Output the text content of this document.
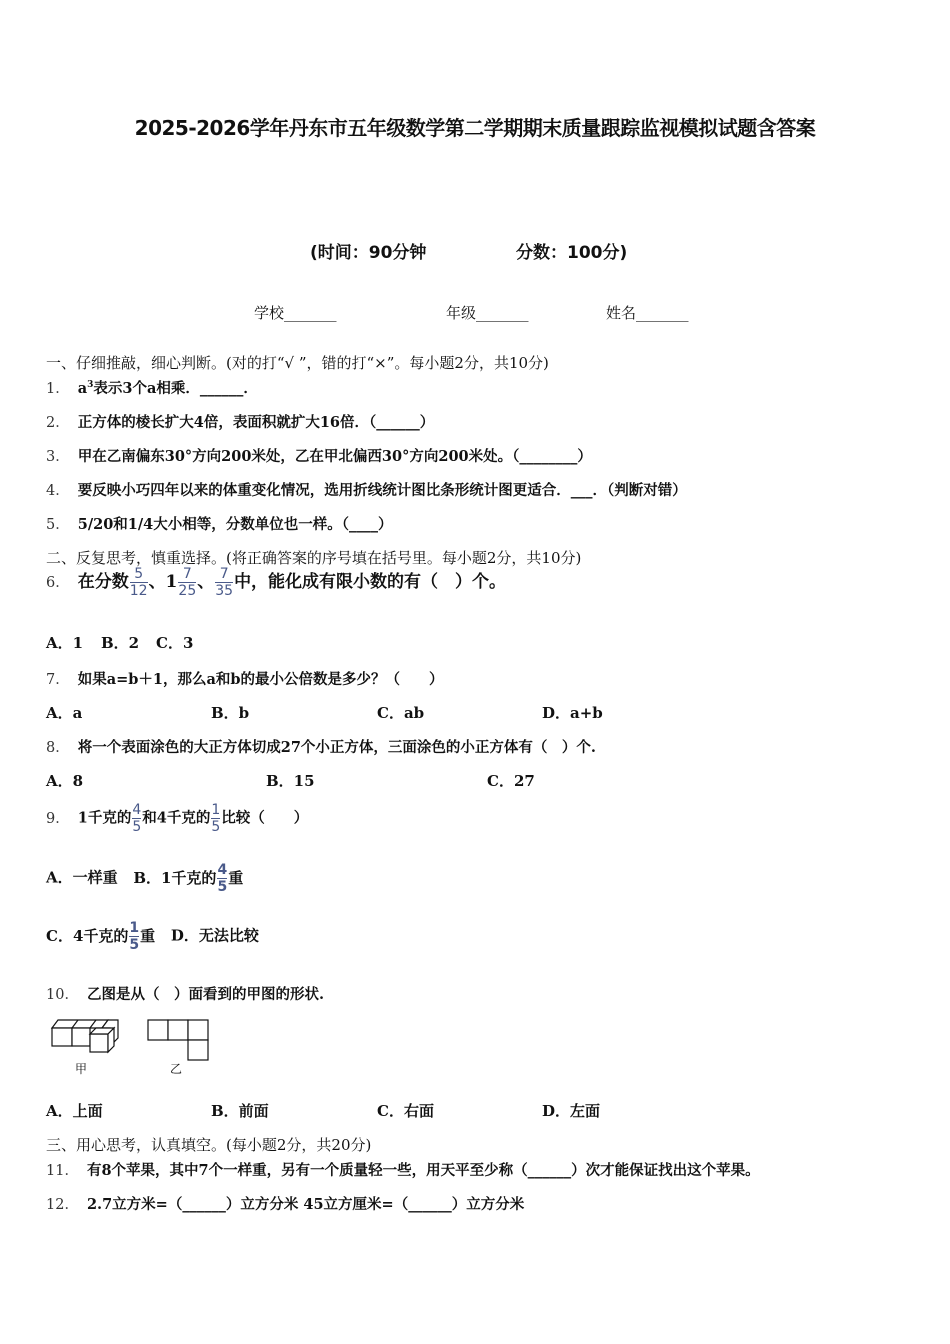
2025-2026学年丹东市五年级数学第二学期期末质量跟踪监视模拟试题含答案
(时间：90分钟	分数：100分)
学校_______	年级_______	姓名_______
一、仔细推敲，细心判断。(对的打“√ ”，错的打“×”。每小题2分，共10分)
1． $a^3$表示3个a相乘．______．
2． 正方体的棱长扩大4倍，表面积就扩大16倍．（______）
3． 甲在乙南偏东30°方向200米处，乙在甲北偏西30°方向200米处。（________）
4． 要反映小巧四年以来的体重变化情况，选用折线统计图比条形统计图更适合．___．（判断对错）
5． 5/20和1/4大小相等，分数单位也一样。（____）
二、反复思考，慎重选择。(将正确答案的序号填在括号里。每小题2分，共10分)
6． 在分数 $\frac{5}{12}$ 、$1 \frac{7}{25}$ 、 $\frac{7}{35}$ 中，能化成有限小数的有（　）个。
A．1 B．2 C．3
7． 如果a=b＋1，那么a和b的最小公倍数是多少？（　　）
A．a	B．b	C．ab	D．a+b
8． 将一个表面涂色的大正方体切成27个小正方体，三面涂色的小正方体有（　）个.
A．8	B．15	C．27
9． 1千克的 $\frac{4}{5}$ 和4千克的 $\frac{1}{5}$ 比较（　　）
A．一样重 B．1千克的 $\frac{4}{5}$ 重
C．4千克的 $\frac{1}{5}$ 重 D．无法比较
10． 乙图是从（　）面看到的甲图的形状.
甲	乙
A．上面	B．前面	C．右面	D．左面
三、用心思考，认真填空。(每小题2分，共20分)
11． 有8个苹果，其中7个一样重，另有一个质量轻一些，用天平至少称（______）次才能保证找出这个苹果。
12． 2.7立方米=（______）立方分米 45立方厘米=（______）立方分米
